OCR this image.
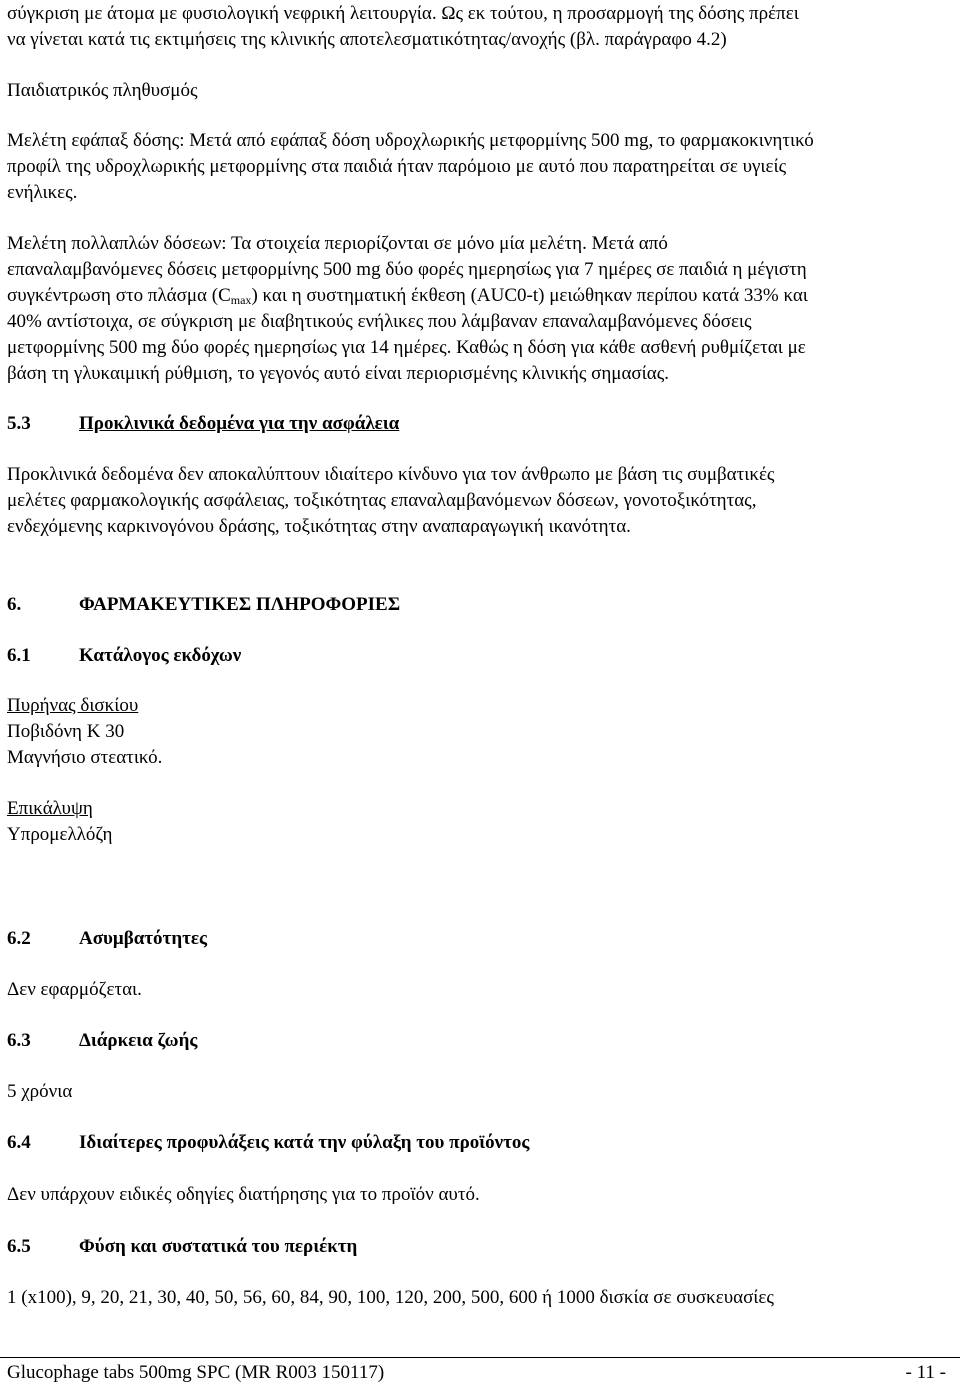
σύγκριση με άτομα με φυσιολογική νεφρική λειτουργία. Ως εκ τούτου, η προσαρμογή της δόσης πρέπει
να γίνεται κατά τις εκτιμήσεις της κλινικής αποτελεσματικότητας/ανοχής (βλ. παράγραφο 4.2)
Παιδιατρικός πληθυσμός
Μελέτη εφάπαξ δόσης: Μετά από εφάπαξ δόση υδροχλωρικής μετφορμίνης 500 mg, το φαρμακοκινητικό
προφίλ της υδροχλωρικής μετφορμίνης στα παιδιά ήταν παρόμοιο με αυτό που παρατηρείται σε υγιείς
ενήλικες.
Μελέτη πολλαπλών δόσεων: Τα στοιχεία περιορίζονται σε μόνο μία μελέτη. Μετά από
επαναλαμβανόμενες δόσεις μετφορμίνης 500 mg δύο φορές ημερησίως για 7 ημέρες σε παιδιά η μέγιστη
συγκέντρωση στο πλάσμα $(C_{max})$ και η συστηματική έκθεση (AUC0-t) μειώθηκαν περίπου κατά 33% και
40% αντίστοιχα, σε σύγκριση με διαβητικούς ενήλικες που λάμβαναν επαναλαμβανόμενες δόσεις
μετφορμίνης 500 mg δύο φορές ημερησίως για 14 ημέρες. Καθώς η δόση για κάθε ασθενή ρυθμίζεται με
βάση τη γλυκαιμική ρύθμιση, το γεγονός αυτό είναι περιορισμένης κλινικής σημασίας.
5.3	Προκλινικά δεδομένα για την ασφάλεια
Προκλινικά δεδομένα δεν αποκαλύπτουν ιδιαίτερο κίνδυνο για τον άνθρωπο με βάση τις συμβατικές
μελέτες φαρμακολογικής ασφάλειας, τοξικότητας επαναλαμβανόμενων δόσεων, γονοτοξικότητας,
ενδεχόμενης καρκινογόνου δράσης, τοξικότητας στην αναπαραγωγική ικανότητα.
6.	ΦΑΡΜΑΚΕΥΤΙΚΕΣ ΠΛΗΡΟΦΟΡΙΕΣ
6.1	Κατάλογος εκδόχων
Πυρήνας δισκίου
Ποβιδόνη K 30
Μαγνήσιο στεατικό.
Επικάλυψη
Υπρομελλόζη
6.2	Ασυμβατότητες
Δεν εφαρμόζεται.
6.3	Διάρκεια ζωής
5 χρόνια
6.4	Ιδιαίτερες προφυλάξεις κατά την φύλαξη του προϊόντος
Δεν υπάρχουν ειδικές οδηγίες διατήρησης για το προϊόν αυτό.
6.5	Φύση και συστατικά του περιέκτη
1 (x100), 9, 20, 21, 30, 40, 50, 56, 60, 84, 90, 100, 120, 200, 500, 600 ή 1000 δισκία σε συσκευασίες
Glucophage tabs 500mg SPC (MR R003 150117)	- 11 -
